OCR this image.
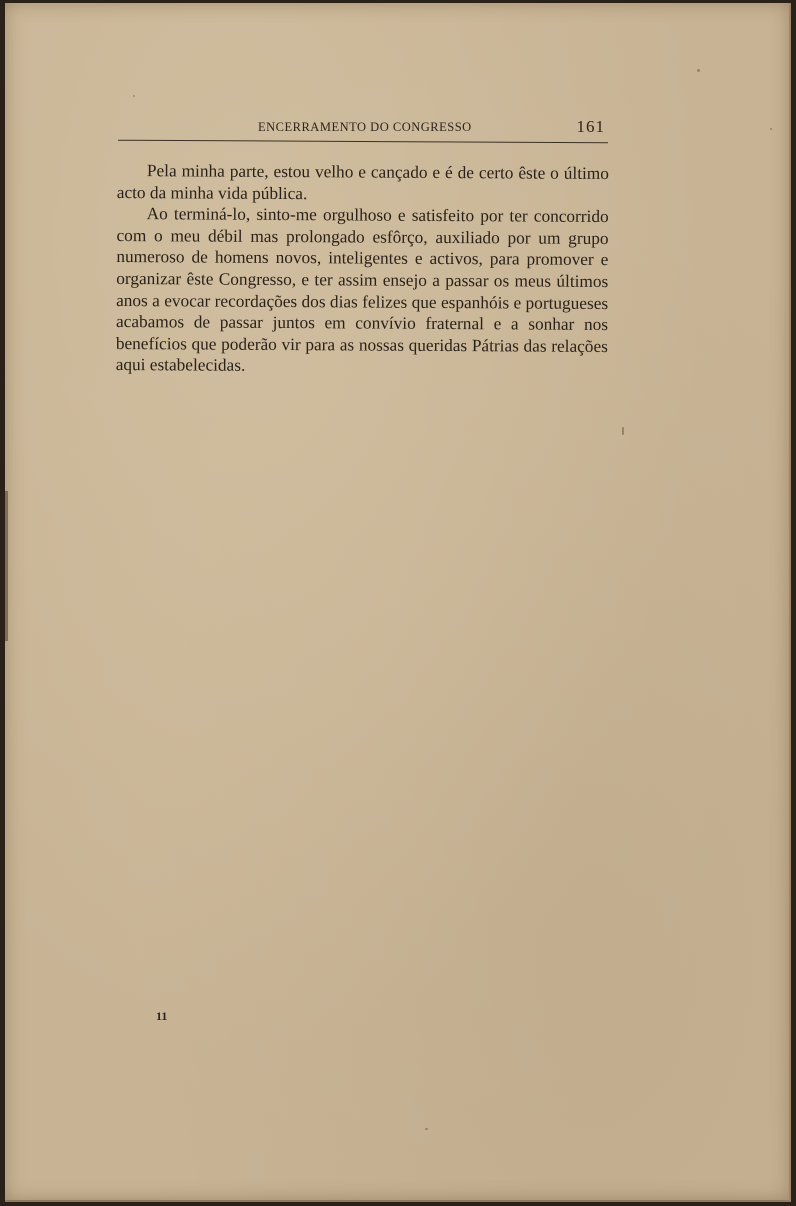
ENCERRAMENTO DO CONGRESSO	161

Pela minha parte, estou velho e cançado e é de certo êste o último acto da minha vida pública.

Ao terminá-lo, sinto-me orgulhoso e satisfeito por ter concorrido com o meu débil mas prolongado esfôrço, auxiliado por um grupo numeroso de homens novos, inteligentes e activos, para promover e organizar êste Congresso, e ter assim ensejo a passar os meus últimos anos a evocar recordações dos dias felizes que espanhóis e portugueses acabamos de passar juntos em convívio fraternal e a sonhar nos benefícios que poderão vir para as nossas queridas Pátrias das relações aqui estabelecidas.

11
